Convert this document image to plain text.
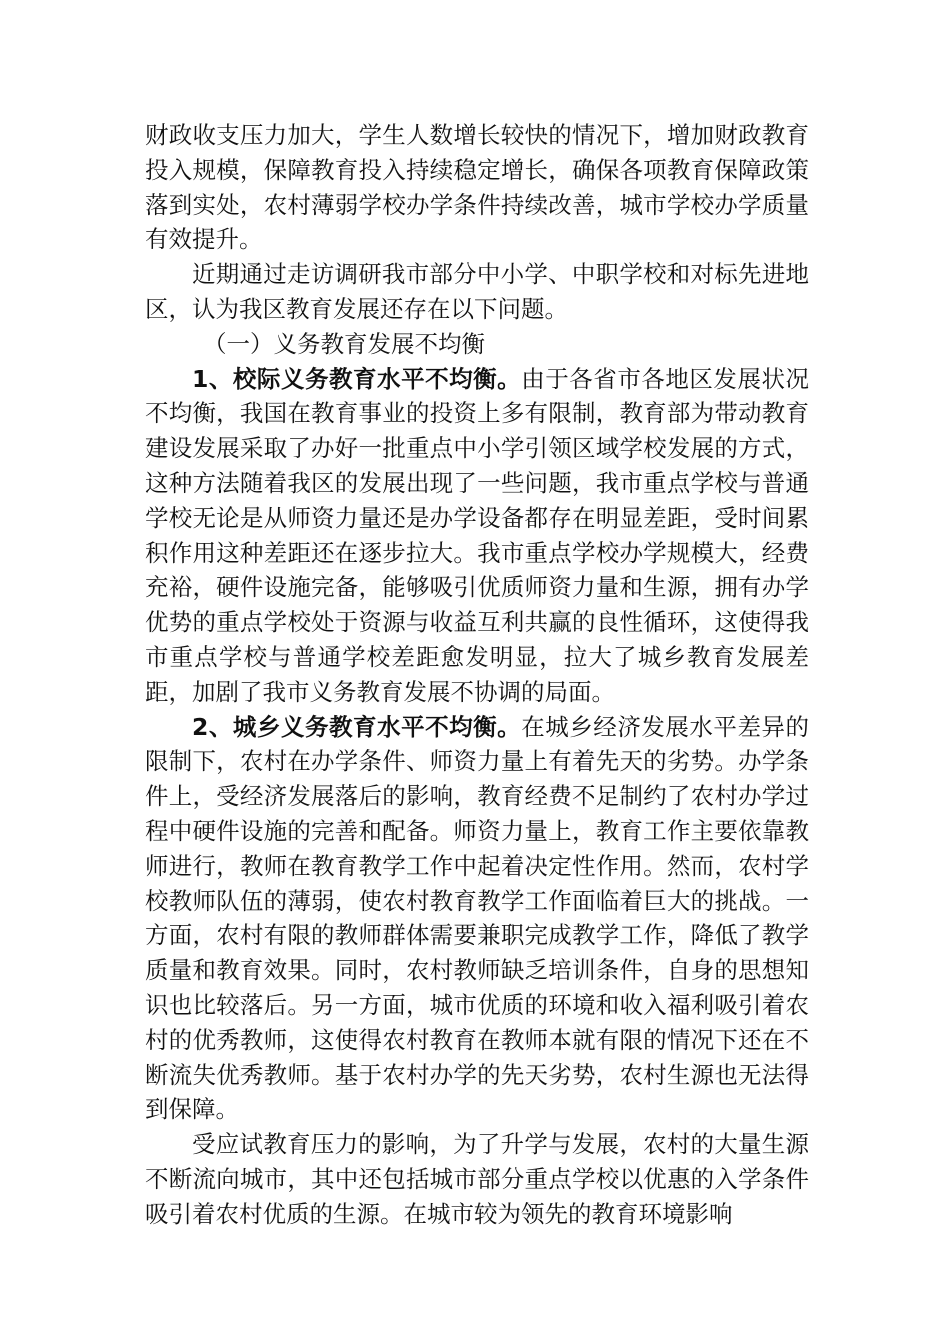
财政收支压力加大，学生人数增长较快的情况下，增加财政教育投入规模，保障教育投入持续稳定增长，确保各项教育保障政策落到实处，农村薄弱学校办学条件持续改善，城市学校办学质量有效提升。

近期通过走访调研我市部分中小学、中职学校和对标先进地区，认为我区教育发展还存在以下问题。

（一）义务教育发展不均衡

1、校际义务教育水平不均衡。由于各省市各地区发展状况不均衡，我国在教育事业的投资上多有限制，教育部为带动教育建设发展采取了办好一批重点中小学引领区域学校发展的方式，这种方法随着我区的发展出现了一些问题，我市重点学校与普通学校无论是从师资力量还是办学设备都存在明显差距，受时间累积作用这种差距还在逐步拉大。我市重点学校办学规模大，经费充裕，硬件设施完备，能够吸引优质师资力量和生源，拥有办学优势的重点学校处于资源与收益互利共赢的良性循环，这使得我市重点学校与普通学校差距愈发明显，拉大了城乡教育发展差距，加剧了我市义务教育发展不协调的局面。

2、城乡义务教育水平不均衡。在城乡经济发展水平差异的限制下，农村在办学条件、师资力量上有着先天的劣势。办学条件上，受经济发展落后的影响，教育经费不足制约了农村办学过程中硬件设施的完善和配备。师资力量上，教育工作主要依靠教师进行，教师在教育教学工作中起着决定性作用。然而，农村学校教师队伍的薄弱，使农村教育教学工作面临着巨大的挑战。一方面，农村有限的教师群体需要兼职完成教学工作，降低了教学质量和教育效果。同时，农村教师缺乏培训条件，自身的思想知识也比较落后。另一方面，城市优质的环境和收入福利吸引着农村的优秀教师，这使得农村教育在教师本就有限的情况下还在不断流失优秀教师。基于农村办学的先天劣势，农村生源也无法得到保障。

受应试教育压力的影响，为了升学与发展，农村的大量生源不断流向城市，其中还包括城市部分重点学校以优惠的入学条件吸引着农村优质的生源。在城市较为领先的教育环境影响
